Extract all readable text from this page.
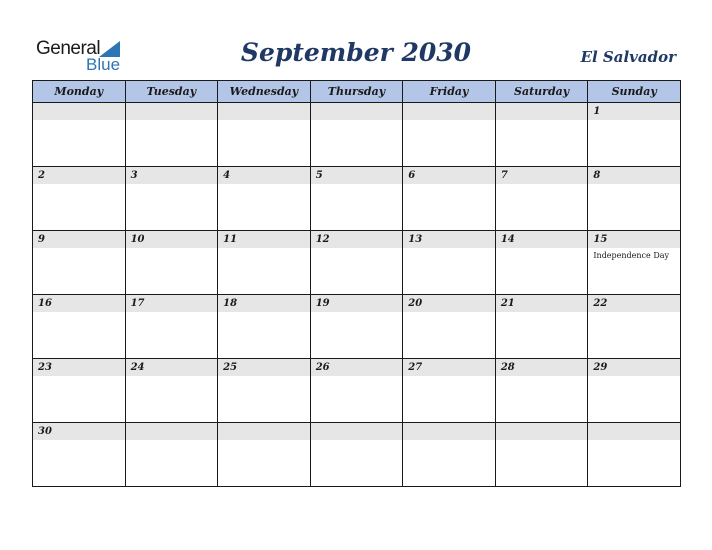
General
Blue	September 2030	El Salvador
Monday	Tuesday	Wednesday	Thursday	Friday	Saturday	Sunday

						1

2	3	4	5	6	7	8

9	10	11	12	13	14	15
Independence Day

16	17	18	19	20	21	22

23	24	25	26	27	28	29

30						
